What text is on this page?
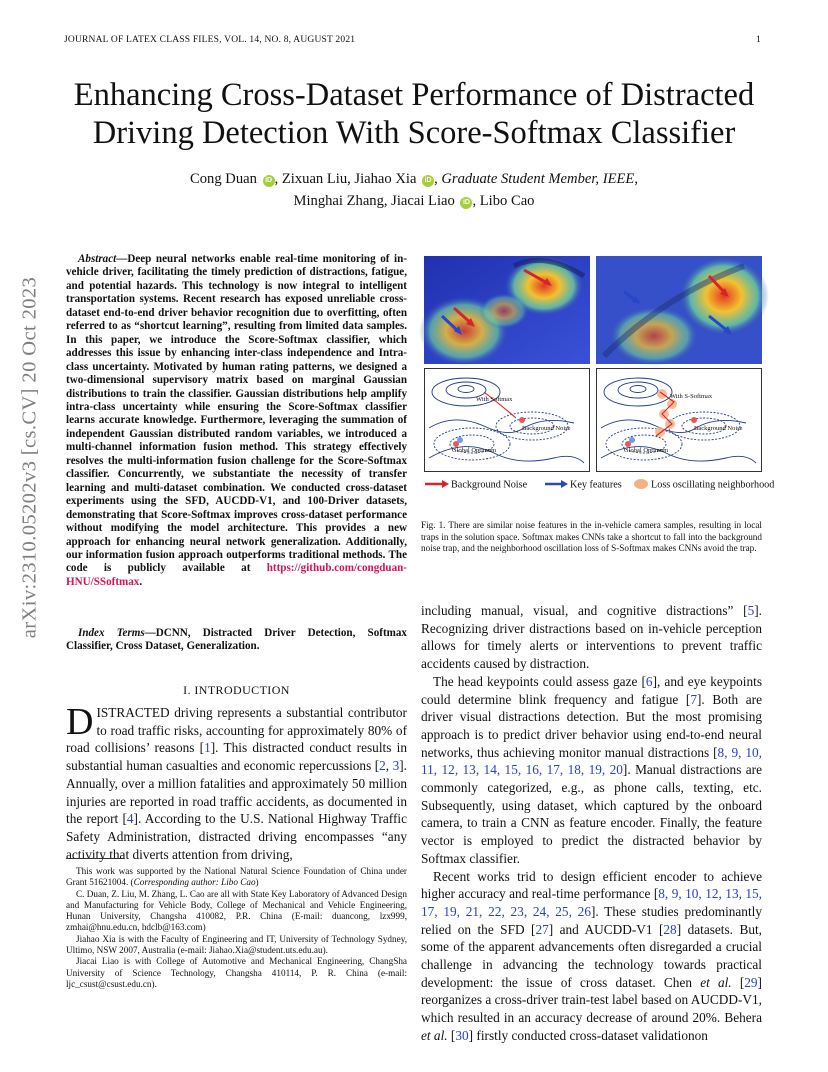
JOURNAL OF LATEX CLASS FILES, VOL. 14, NO. 8, AUGUST 2021	1
arXiv:2310.05202v3 [cs.CV] 20 Oct 2023
Enhancing Cross-Dataset Performance of Distracted Driving Detection With Score-Softmax Classifier
Cong Duan iD , Zixuan Liu, Jiahao Xia iD , Graduate Student Member, IEEE,
Minghai Zhang, Jiacai Liao iD , Libo Cao
Abstract—Deep neural networks enable real-time monitoring of in-vehicle driver, facilitating the timely prediction of distractions, fatigue, and potential hazards. This technology is now integral to intelligent transportation systems. Recent research has exposed unreliable cross-dataset end-to-end driver behavior recognition due to overfitting, often referred to as “shortcut learning”, resulting from limited data samples. In this paper, we introduce the Score-Softmax classifier, which addresses this issue by enhancing inter-class independence and Intra-class uncertainty. Motivated by human rating patterns, we designed a two-dimensional supervisory matrix based on marginal Gaussian distributions to train the classifier. Gaussian distributions help amplify intra-class uncertainty while ensuring the Score-Softmax classifier learns accurate knowledge. Furthermore, leveraging the summation of independent Gaussian distributed random variables, we introduced a multi-channel information fusion method. This strategy effectively resolves the multi-information fusion challenge for the Score-Softmax classifier. Concurrently, we substantiate the necessity of transfer learning and multi-dataset combination. We conducted cross-dataset experiments using the SFD, AUCDD-V1, and 100-Driver datasets, demonstrating that Score-Softmax improves cross-dataset performance without modifying the model architecture. This provides a new approach for enhancing neural network generalization. Additionally, our information fusion approach outperforms traditional methods. The code is publicly available at https://github.com/congduan-HNU/SSoftmax.
Index Terms—DCNN, Distracted Driver Detection, Softmax Classifier, Cross Dataset, Generalization.
I. INTRODUCTION

DISTRACTED driving represents a substantial contributor to road traffic risks, accounting for approximately 80% of road collisions’ reasons [1]. This distracted conduct results in substantial human casualties and economic repercussions [2, 3]. Annually, over a million fatalities and approximately 50 million injuries are reported in road traffic accidents, as documented in the report [4]. According to the U.S. National Highway Traffic Safety Administration, distracted driving encompasses “any activity that diverts attention from driving,

This work was supported by the National Natural Science Foundation of China under Grant 51621004. (Corresponding author: Libo Cao)

C. Duan, Z. Liu, M. Zhang, L. Cao are all with State Key Laboratory of Advanced Design and Manufacturing for Vehicle Body, College of Mechanical and Vehicle Engineering, Hunan University, Changsha 410082, P.R. China (E-mail: duancong, lzx999, zmhai@hnu.edu.cn, hdclb@163.com)

Jiahao Xia is with the Faculty of Engineering and IT, University of Technology Sydney, Ultimo, NSW 2007, Australia (e-mail: Jiahao.Xia@student.uts.edu.au).

Jiacai Liao is with College of Automotive and Mechanical Engineering, ChangSha University of Science Technology, Changsha 410114, P. R. China (e-mail: ljc_csust@csust.edu.cn).

With Softmax
Background Noise
Global Optimum
With S-Softmax
Background Noise
Global Optimum
Background Noise	Key features	Loss oscillating neighborhood
Fig. 1. There are similar noise features in the in-vehicle camera samples, resulting in local traps in the solution space. Softmax makes CNNs take a shortcut to fall into the background noise trap, and the neighborhood oscillation loss of S-Softmax makes CNNs avoid the trap.

including manual, visual, and cognitive distractions” [5]. Recognizing driver distractions based on in-vehicle perception allows for timely alerts or interventions to prevent traffic accidents caused by distraction.

The head keypoints could assess gaze [6], and eye keypoints could determine blink frequency and fatigue [7]. Both are driver visual distractions detection. But the most promising approach is to predict driver behavior using end-to-end neural networks, thus achieving monitor manual distractions [8, 9, 10, 11, 12, 13, 14, 15, 16, 17, 18, 19, 20]. Manual distractions are commonly categorized, e.g., as phone calls, texting, etc. Subsequently, using dataset, which captured by the onboard camera, to train a CNN as feature encoder. Finally, the feature vector is employed to predict the distracted behavior by Softmax classifier.

Recent works trid to design efficient encoder to achieve higher accuracy and real-time performance [8, 9, 10, 12, 13, 15, 17, 19, 21, 22, 23, 24, 25, 26]. These studies predominantly relied on the SFD [27] and AUCDD-V1 [28] datasets. But, some of the apparent advancements often disregarded a crucial challenge in advancing the technology towards practical development: the issue of cross dataset. Chen et al. [29] reorganizes a cross-driver train-test label based on AUCDD-V1, which resulted in an accuracy decrease of around 20%. Behera et al. [30] firstly conducted cross-dataset validationon
